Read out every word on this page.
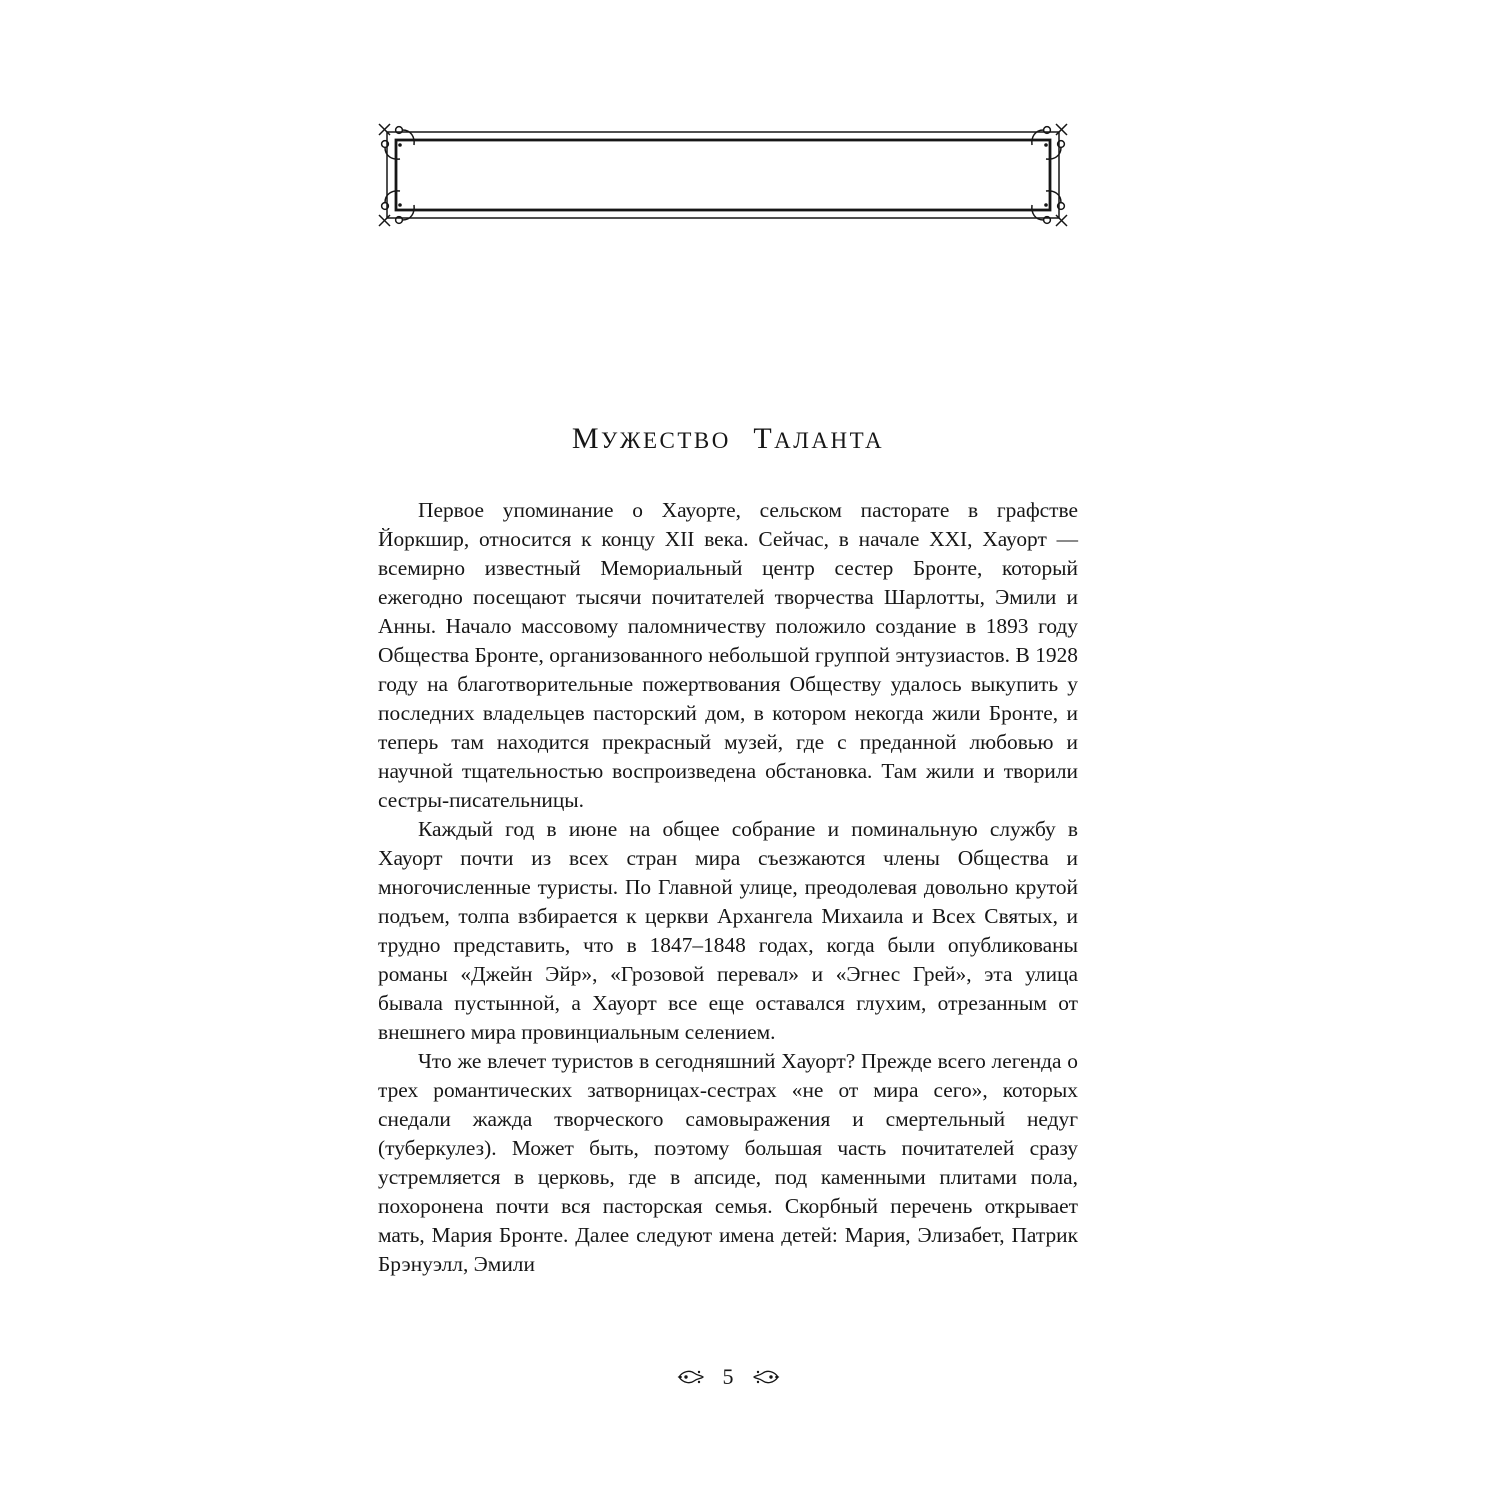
МУЖЕСТВО ТАЛАНТА

Первое упоминание о Хауорте, сельском пасторате в графстве Йоркшир, относится к концу XII века. Сейчас, в начале XXI, Хауорт — всемирно известный Мемориальный центр сестер Бронте, который ежегодно посещают тысячи почитателей творчества Шарлотты, Эмили и Анны. Начало массовому паломничеству положило создание в 1893 году Общества Бронте, организованного небольшой группой энтузиастов. В 1928 году на благотворительные пожертвования Обществу удалось выкупить у последних владельцев пасторский дом, в котором некогда жили Бронте, и теперь там находится прекрасный музей, где с преданной любовью и научной тщательностью воспроизведена обстановка. Там жили и творили сестры-писательницы.

Каждый год в июне на общее собрание и поминальную службу в Хауорт почти из всех стран мира съезжаются члены Общества и многочисленные туристы. По Главной улице, преодолевая довольно крутой подъем, толпа взбирается к церкви Архангела Михаила и Всех Святых, и трудно представить, что в 1847–1848 годах, когда были опубликованы романы «Джейн Эйр», «Грозовой перевал» и «Эгнес Грей», эта улица бывала пустынной, а Хауорт все еще оставался глухим, отрезанным от внешнего мира провинциальным селением.

Что же влечет туристов в сегодняшний Хауорт? Прежде всего легенда о трех романтических затворницах-сестрах «не от мира сего», которых снедали жажда творческого самовыражения и смертельный недуг (туберкулез). Может быть, поэтому большая часть почитателей сразу устремляется в церковь, где в апсиде, под каменными плитами пола, похоронена почти вся пасторская семья. Скорбный перечень открывает мать, Мария Бронте. Далее следуют имена детей: Мария, Элизабет, Патрик Брэнуэлл, Эмили

5
